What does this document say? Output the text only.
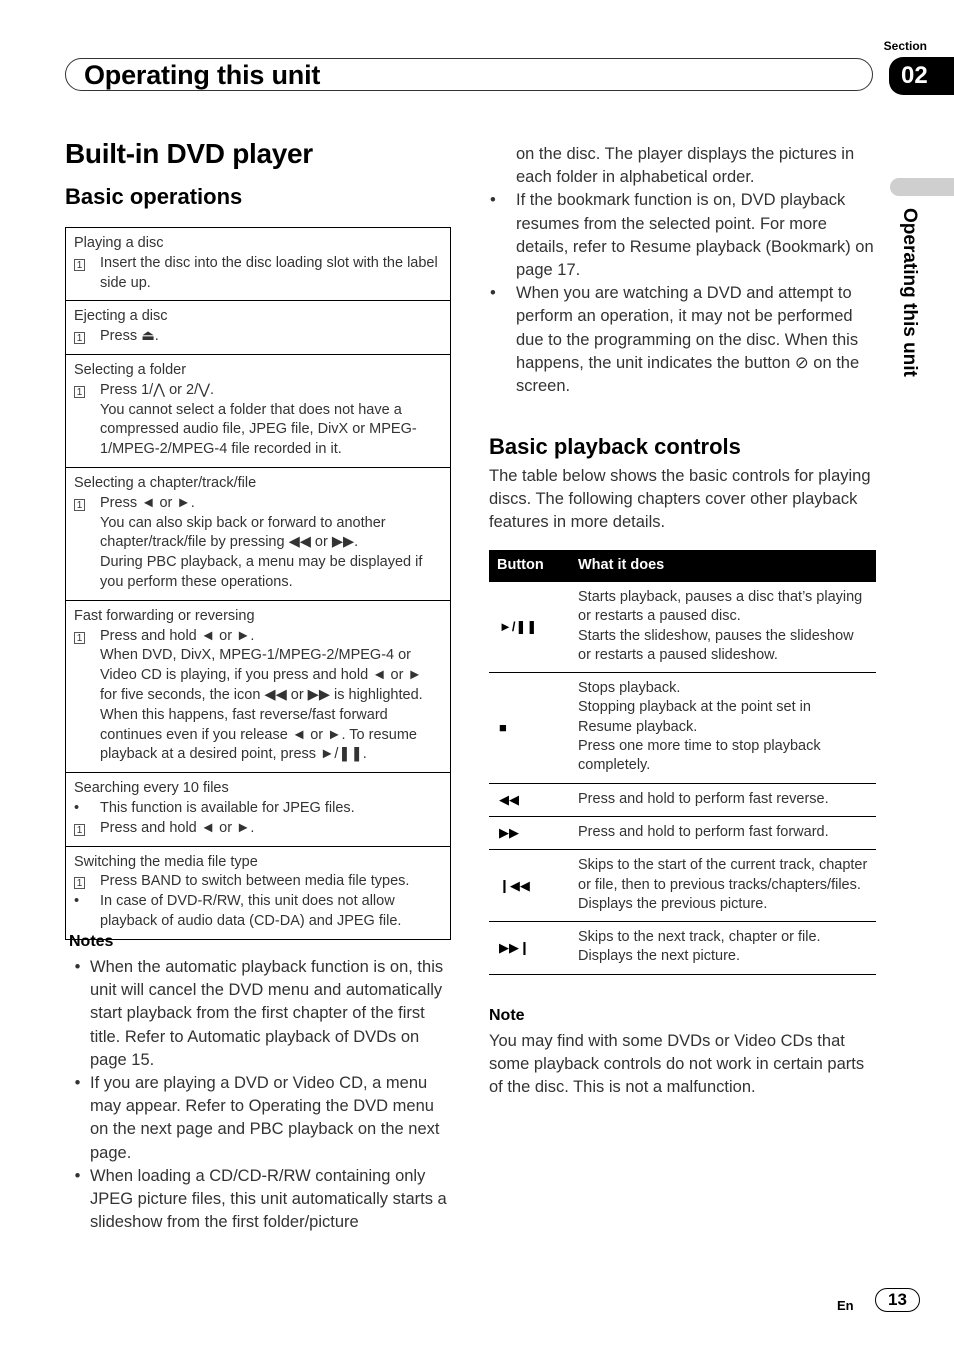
Section
Operating this unit	02
Operating this unit
Built-in DVD player
Basic operations
Playing a disc
1	Insert the disc into the disc loading slot with the label side up.
Ejecting a disc
1	Press ⏏.
Selecting a folder
1	Press 1/⋀ or 2/⋁.
You cannot select a folder that does not have a compressed audio file, JPEG file, DivX or MPEG-1/MPEG-2/MPEG-4 file recorded in it.
Selecting a chapter/track/file
1	Press ◄ or ►.
You can also skip back or forward to another chapter/track/file by pressing ◀◀ or ▶▶.
During PBC playback, a menu may be displayed if you perform these operations.
Fast forwarding or reversing
1	Press and hold ◄ or ►.
When DVD, DivX, MPEG-1/MPEG-2/MPEG-4 or Video CD is playing, if you press and hold ◄ or ► for five seconds, the icon ◀◀ or ▶▶ is highlighted. When this happens, fast reverse/fast forward continues even if you release ◄ or ►. To resume playback at a desired point, press ►/❚❚.
Searching every 10 files
•	This function is available for JPEG files.
1	Press and hold ◄ or ►.
Switching the media file type
1	Press BAND to switch between media file types.
•	In case of DVD-R/RW, this unit does not allow playback of audio data (CD-DA) and JPEG file.
Notes
• When the automatic playback function is on, this unit will cancel the DVD menu and automatically start playback from the first chapter of the first title. Refer to Automatic playback of DVDs on page 15.
• If you are playing a DVD or Video CD, a menu may appear. Refer to Operating the DVD menu on the next page and PBC playback on the next page.
• When loading a CD/CD-R/RW containing only JPEG picture files, this unit automatically starts a slideshow from the first folder/picture
on the disc. The player displays the pictures in each folder in alphabetical order.
•	If the bookmark function is on, DVD playback resumes from the selected point. For more details, refer to Resume playback (Bookmark) on page 17.
•	When you are watching a DVD and attempt to perform an operation, it may not be performed due to the programming on the disc. When this happens, the unit indicates the button ⊘ on the screen.
Basic playback controls
The table below shows the basic controls for playing discs. The following chapters cover other playback features in more details.
Button	What it does
►/❚❚	Starts playback, pauses a disc that’s playing or restarts a paused disc.
Starts the slideshow, pauses the slideshow or restarts a paused slideshow.
■	Stops playback.
Stopping playback at the point set in Resume playback.
Press one more time to stop playback completely.
◀◀	Press and hold to perform fast reverse.
▶▶	Press and hold to perform fast forward.
❙◀◀	Skips to the start of the current track, chapter or file, then to previous tracks/chapters/files.
Displays the previous picture.
▶▶❙	Skips to the next track, chapter or file.
Displays the next picture.
Note
You may find with some DVDs or Video CDs that some playback controls do not work in certain parts of the disc. This is not a malfunction.
En	13
